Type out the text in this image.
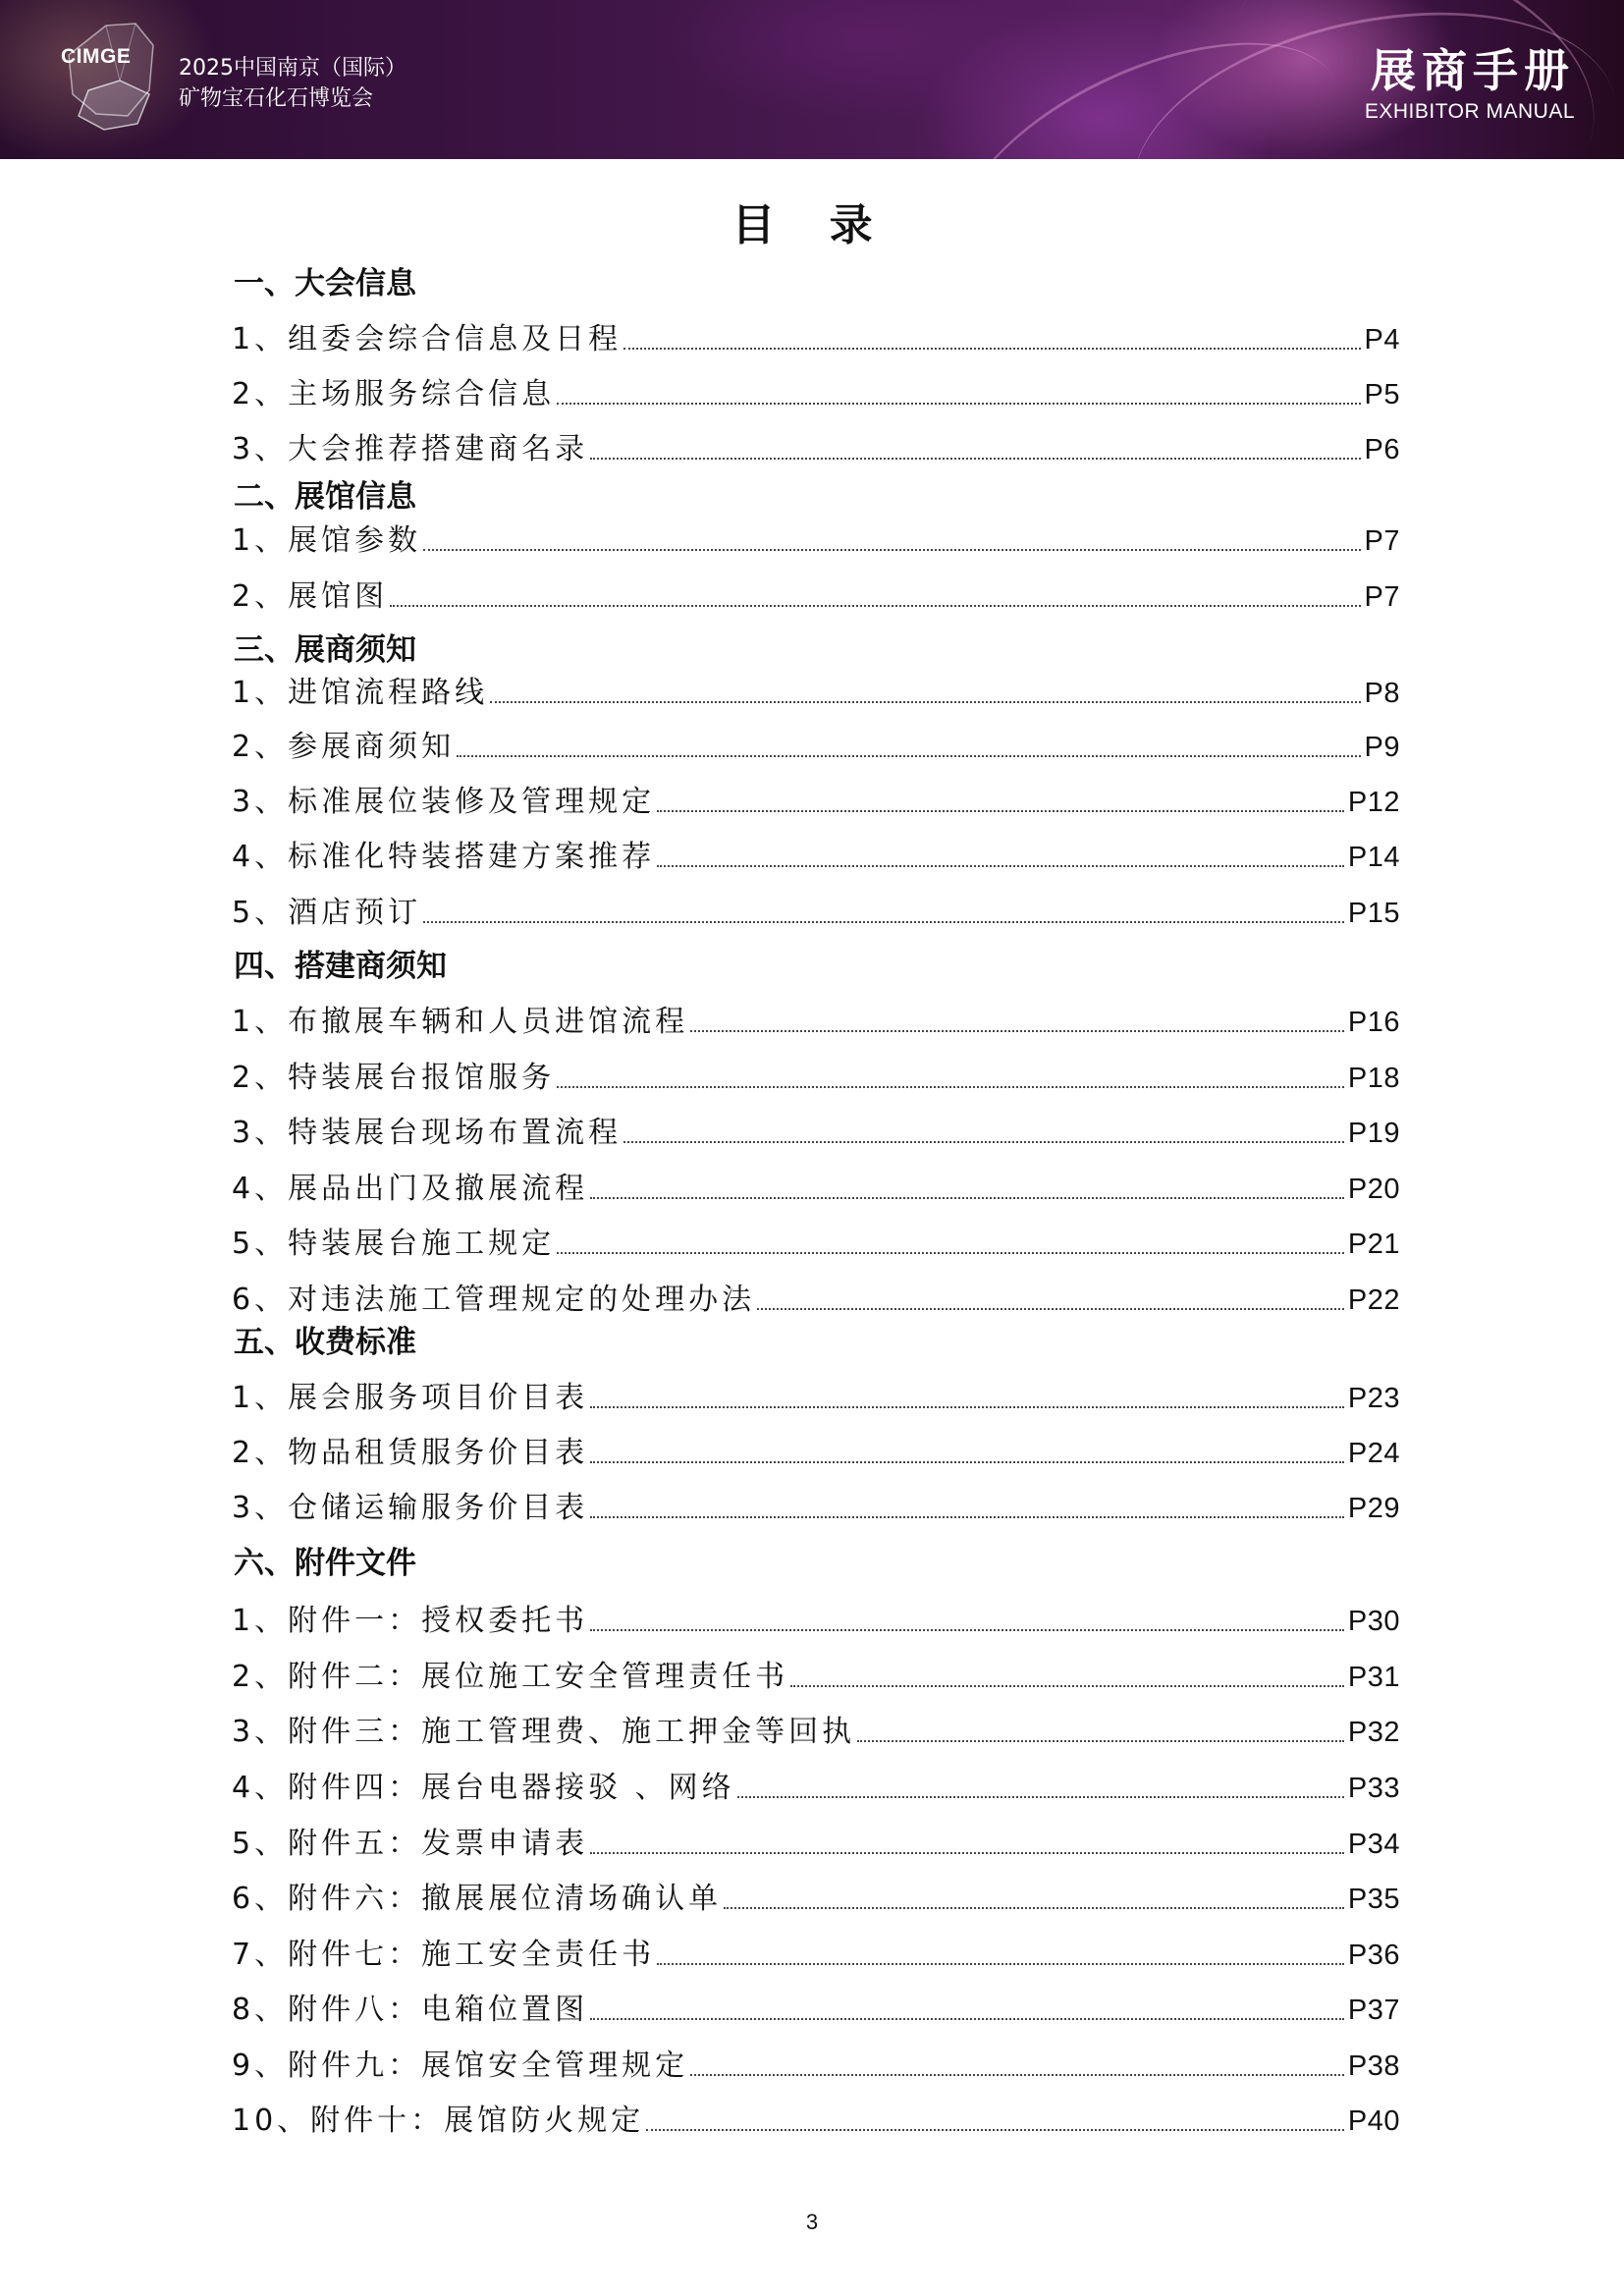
CIMGE 2025中国南京（国际）
矿物宝石化石博览会
展商手册
EXHIBITOR MANUAL
目 录
一、大会信息
1、组委会综合信息及日程	P4
2、主场服务综合信息	P5
3、大会推荐搭建商名录	P6
二、展馆信息
1、展馆参数	P7
2、展馆图	P7
三、展商须知
1、进馆流程路线	P8
2、参展商须知	P9
3、标准展位装修及管理规定	P12
4、标准化特装搭建方案推荐	P14
5、酒店预订	P15
四、搭建商须知
1、布撤展车辆和人员进馆流程	P16
2、特装展台报馆服务	P18
3、特装展台现场布置流程	P19
4、展品出门及撤展流程	P20
5、特装展台施工规定	P21
6、对违法施工管理规定的处理办法	P22
五、收费标准
1、展会服务项目价目表	P23
2、物品租赁服务价目表	P24
3、仓储运输服务价目表	P29
六、附件文件
1、附件一：授权委托书	P30
2、附件二：展位施工安全管理责任书	P31
3、附件三：施工管理费、施工押金等回执	P32
4、附件四：展台电器接驳 、网络	P33
5、附件五：发票申请表	P34
6、附件六：撤展展位清场确认单	P35
7、附件七：施工安全责任书	P36
8、附件八：电箱位置图	P37
9、附件九：展馆安全管理规定	P38
10、附件十：展馆防火规定	P40
3
